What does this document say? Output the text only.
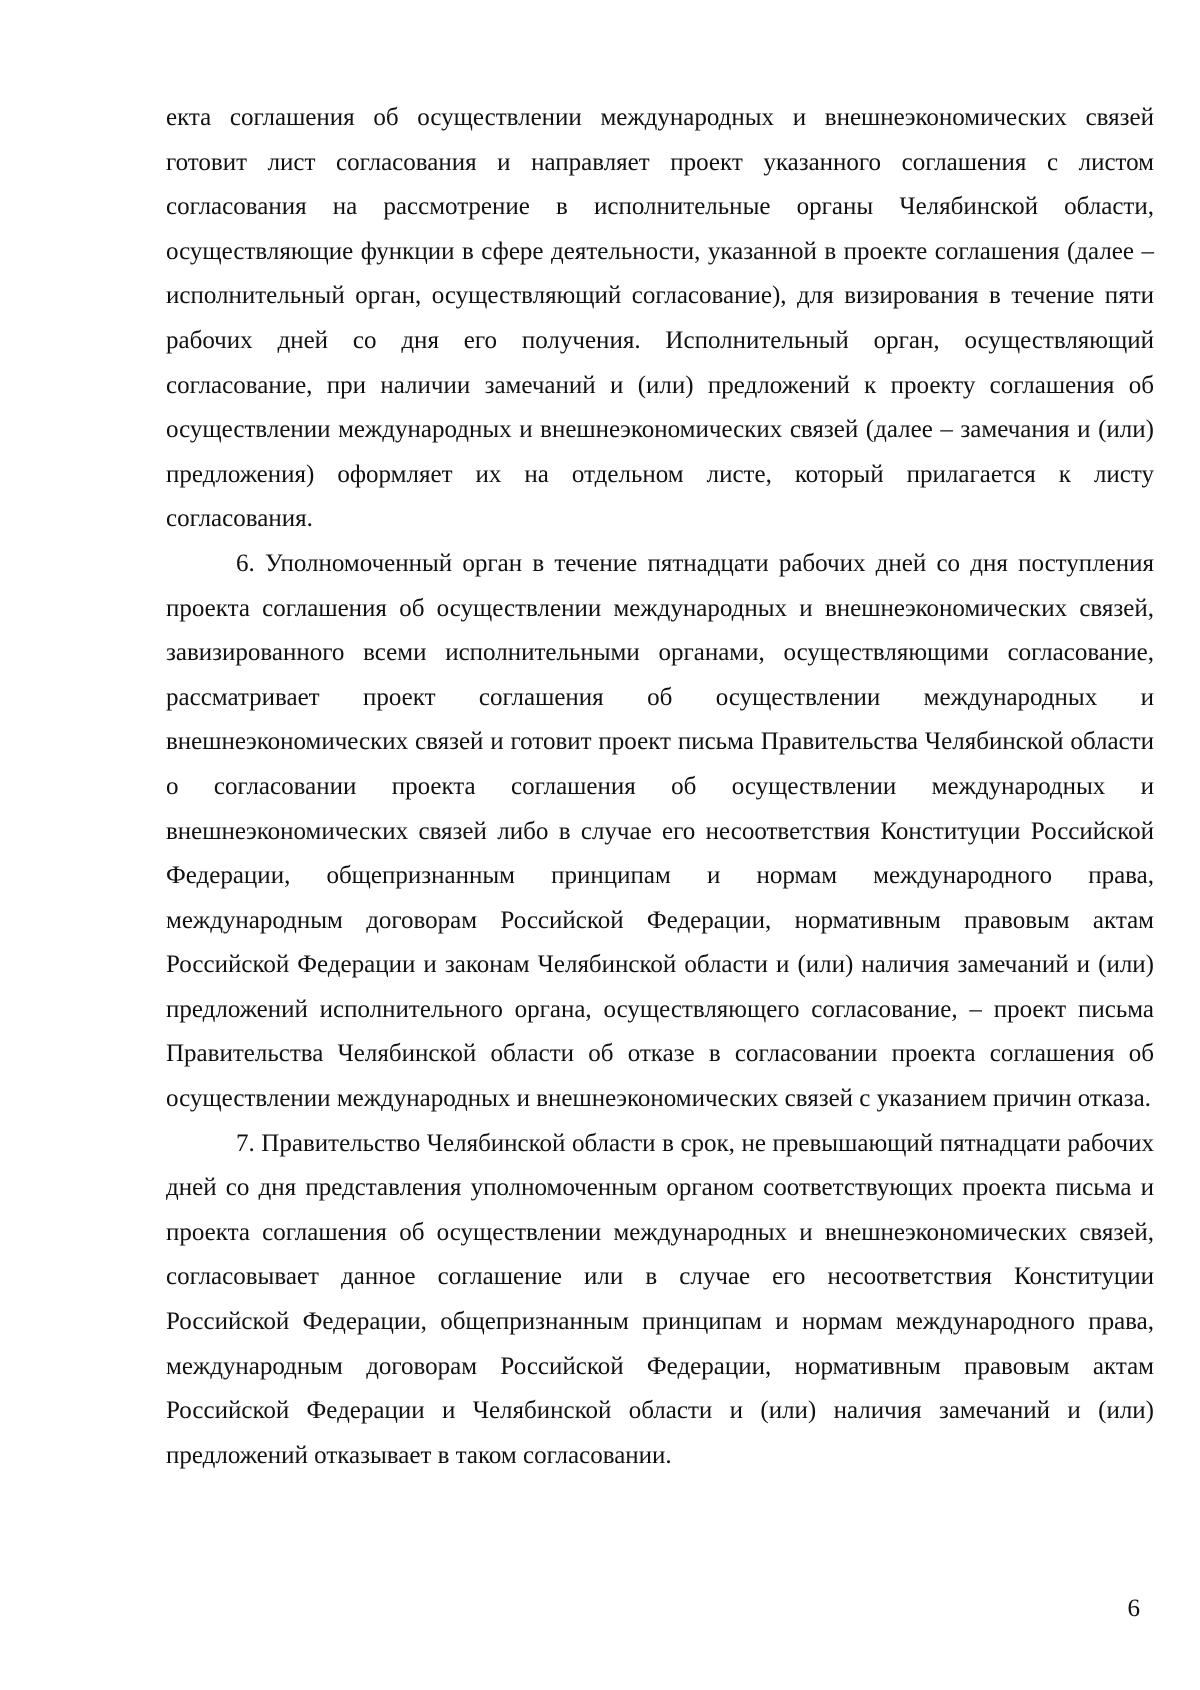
екта соглашения об осуществлении международных и внешнеэкономических связей готовит лист согласования и направляет проект указанного соглашения с листом согласования на рассмотрение в исполнительные органы Челябинской области, осуществляющие функции в сфере деятельности, указанной в проекте соглашения (далее – исполнительный орган, осуществляющий согласование), для визирования в течение пяти рабочих дней со дня его получения. Исполнительный орган, осуществляющий согласование, при наличии замечаний и (или) предложений к проекту соглашения об осуществлении международных и внешнеэкономических связей (далее – замечания и (или) предложения) оформляет их на отдельном листе, который прилагается к листу согласования.

6. Уполномоченный орган в течение пятнадцати рабочих дней со дня поступления проекта соглашения об осуществлении международных и внешнеэкономических связей, завизированного всеми исполнительными органами, осуществляющими согласование, рассматривает проект соглашения об осуществлении международных и внешнеэкономических связей и готовит проект письма Правительства Челябинской области о согласовании проекта соглашения об осуществлении международных и внешнеэкономических связей либо в случае его несоответствия Конституции Российской Федерации, общепризнанным принципам и нормам международного права, международным договорам Российской Федерации, нормативным правовым актам Российской Федерации и законам Челябинской области и (или) наличия замечаний и (или) предложений исполнительного органа, осуществляющего согласование, – проект письма Правительства Челябинской области об отказе в согласовании проекта соглашения об осуществлении международных и внешнеэкономических связей с указанием причин отказа.

7. Правительство Челябинской области в срок, не превышающий пятнадцати рабочих дней со дня представления уполномоченным органом соответствующих проекта письма и проекта соглашения об осуществлении международных и внешнеэкономических связей, согласовывает данное соглашение или в случае его несоответствия Конституции Российской Федерации, общепризнанным принципам и нормам международного права, международным договорам Российской Федерации, нормативным правовым актам Российской Федерации и Челябинской области и (или) наличия замечаний и (или) предложений отказывает в таком согласовании.

6
